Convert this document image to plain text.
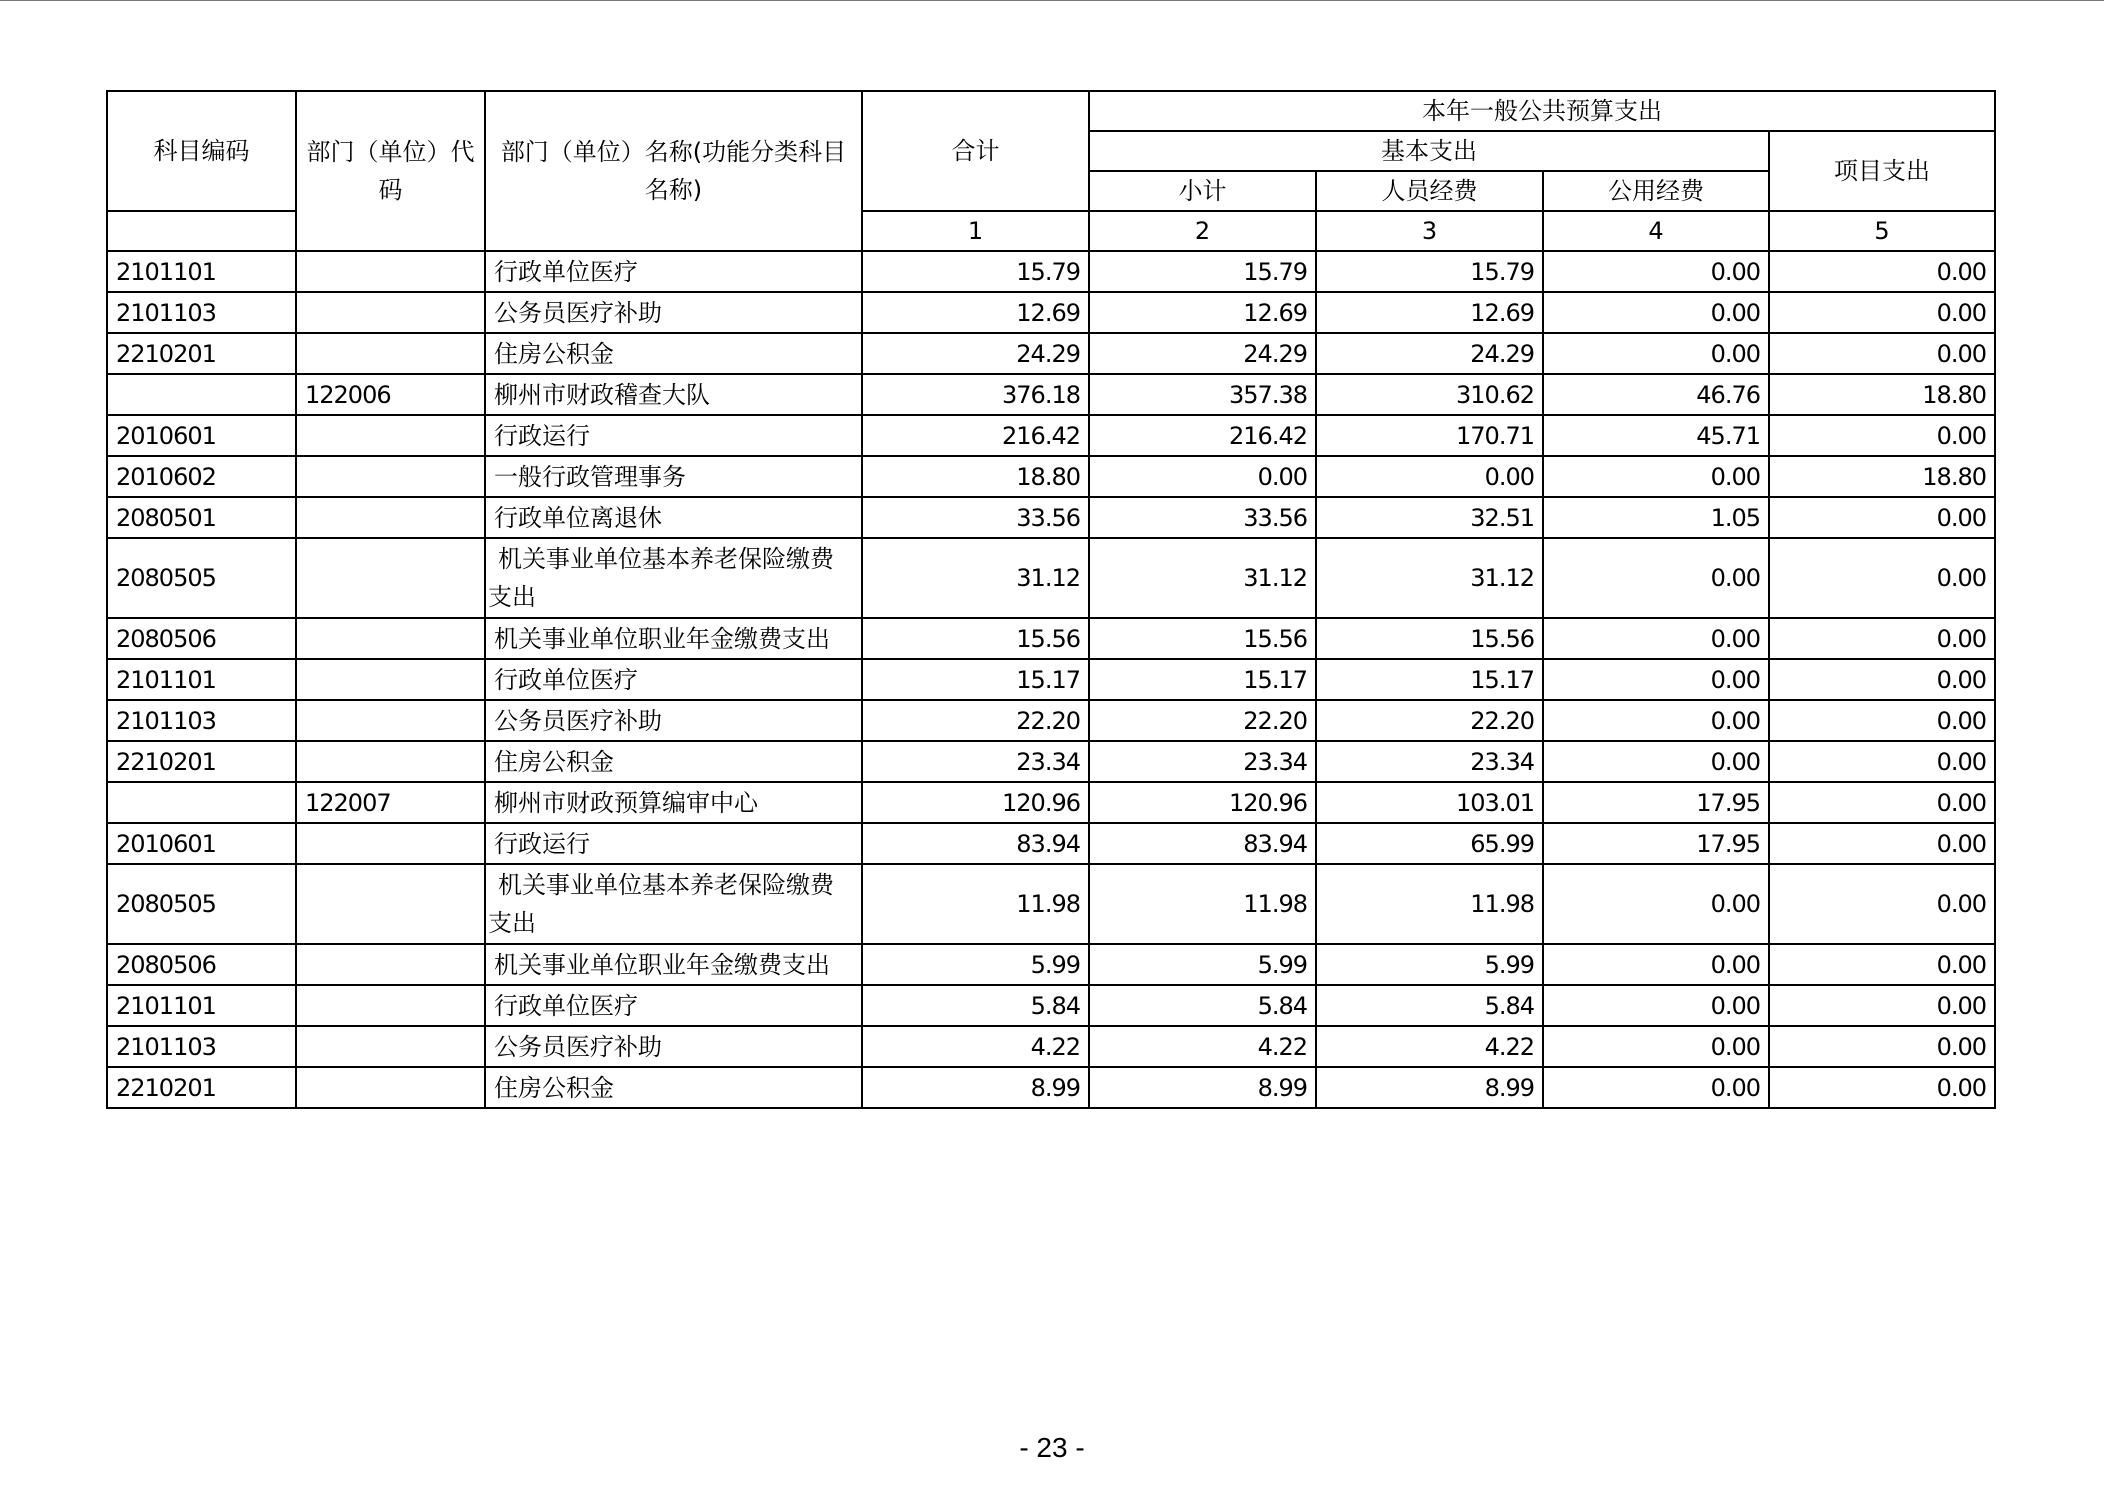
科目编码	部门（单位）代码	部门（单位）名称(功能分类科目名称)	合计	本年一般公共预算支出			
				基本支出			项目支出
				小计	人员经费	公用经费	
			1	2	3	4	5
2101101		行政单位医疗	15.79	15.79	15.79	0.00	0.00
2101103		公务员医疗补助	12.69	12.69	12.69	0.00	0.00
2210201		住房公积金	24.29	24.29	24.29	0.00	0.00
	122006	柳州市财政稽查大队	376.18	357.38	310.62	46.76	18.80
2010601		行政运行	216.42	216.42	170.71	45.71	0.00
2010602		一般行政管理事务	18.80	0.00	0.00	0.00	18.80
2080501		行政单位离退休	33.56	33.56	32.51	1.05	0.00
2080505		机关事业单位基本养老保险缴费支出	31.12	31.12	31.12	0.00	0.00
2080506		机关事业单位职业年金缴费支出	15.56	15.56	15.56	0.00	0.00
2101101		行政单位医疗	15.17	15.17	15.17	0.00	0.00
2101103		公务员医疗补助	22.20	22.20	22.20	0.00	0.00
2210201		住房公积金	23.34	23.34	23.34	0.00	0.00
	122007	柳州市财政预算编审中心	120.96	120.96	103.01	17.95	0.00
2010601		行政运行	83.94	83.94	65.99	17.95	0.00
2080505		机关事业单位基本养老保险缴费支出	11.98	11.98	11.98	0.00	0.00
2080506		机关事业单位职业年金缴费支出	5.99	5.99	5.99	0.00	0.00
2101101		行政单位医疗	5.84	5.84	5.84	0.00	0.00
2101103		公务员医疗补助	4.22	4.22	4.22	0.00	0.00
2210201		住房公积金	8.99	8.99	8.99	0.00	0.00
- 23 -
